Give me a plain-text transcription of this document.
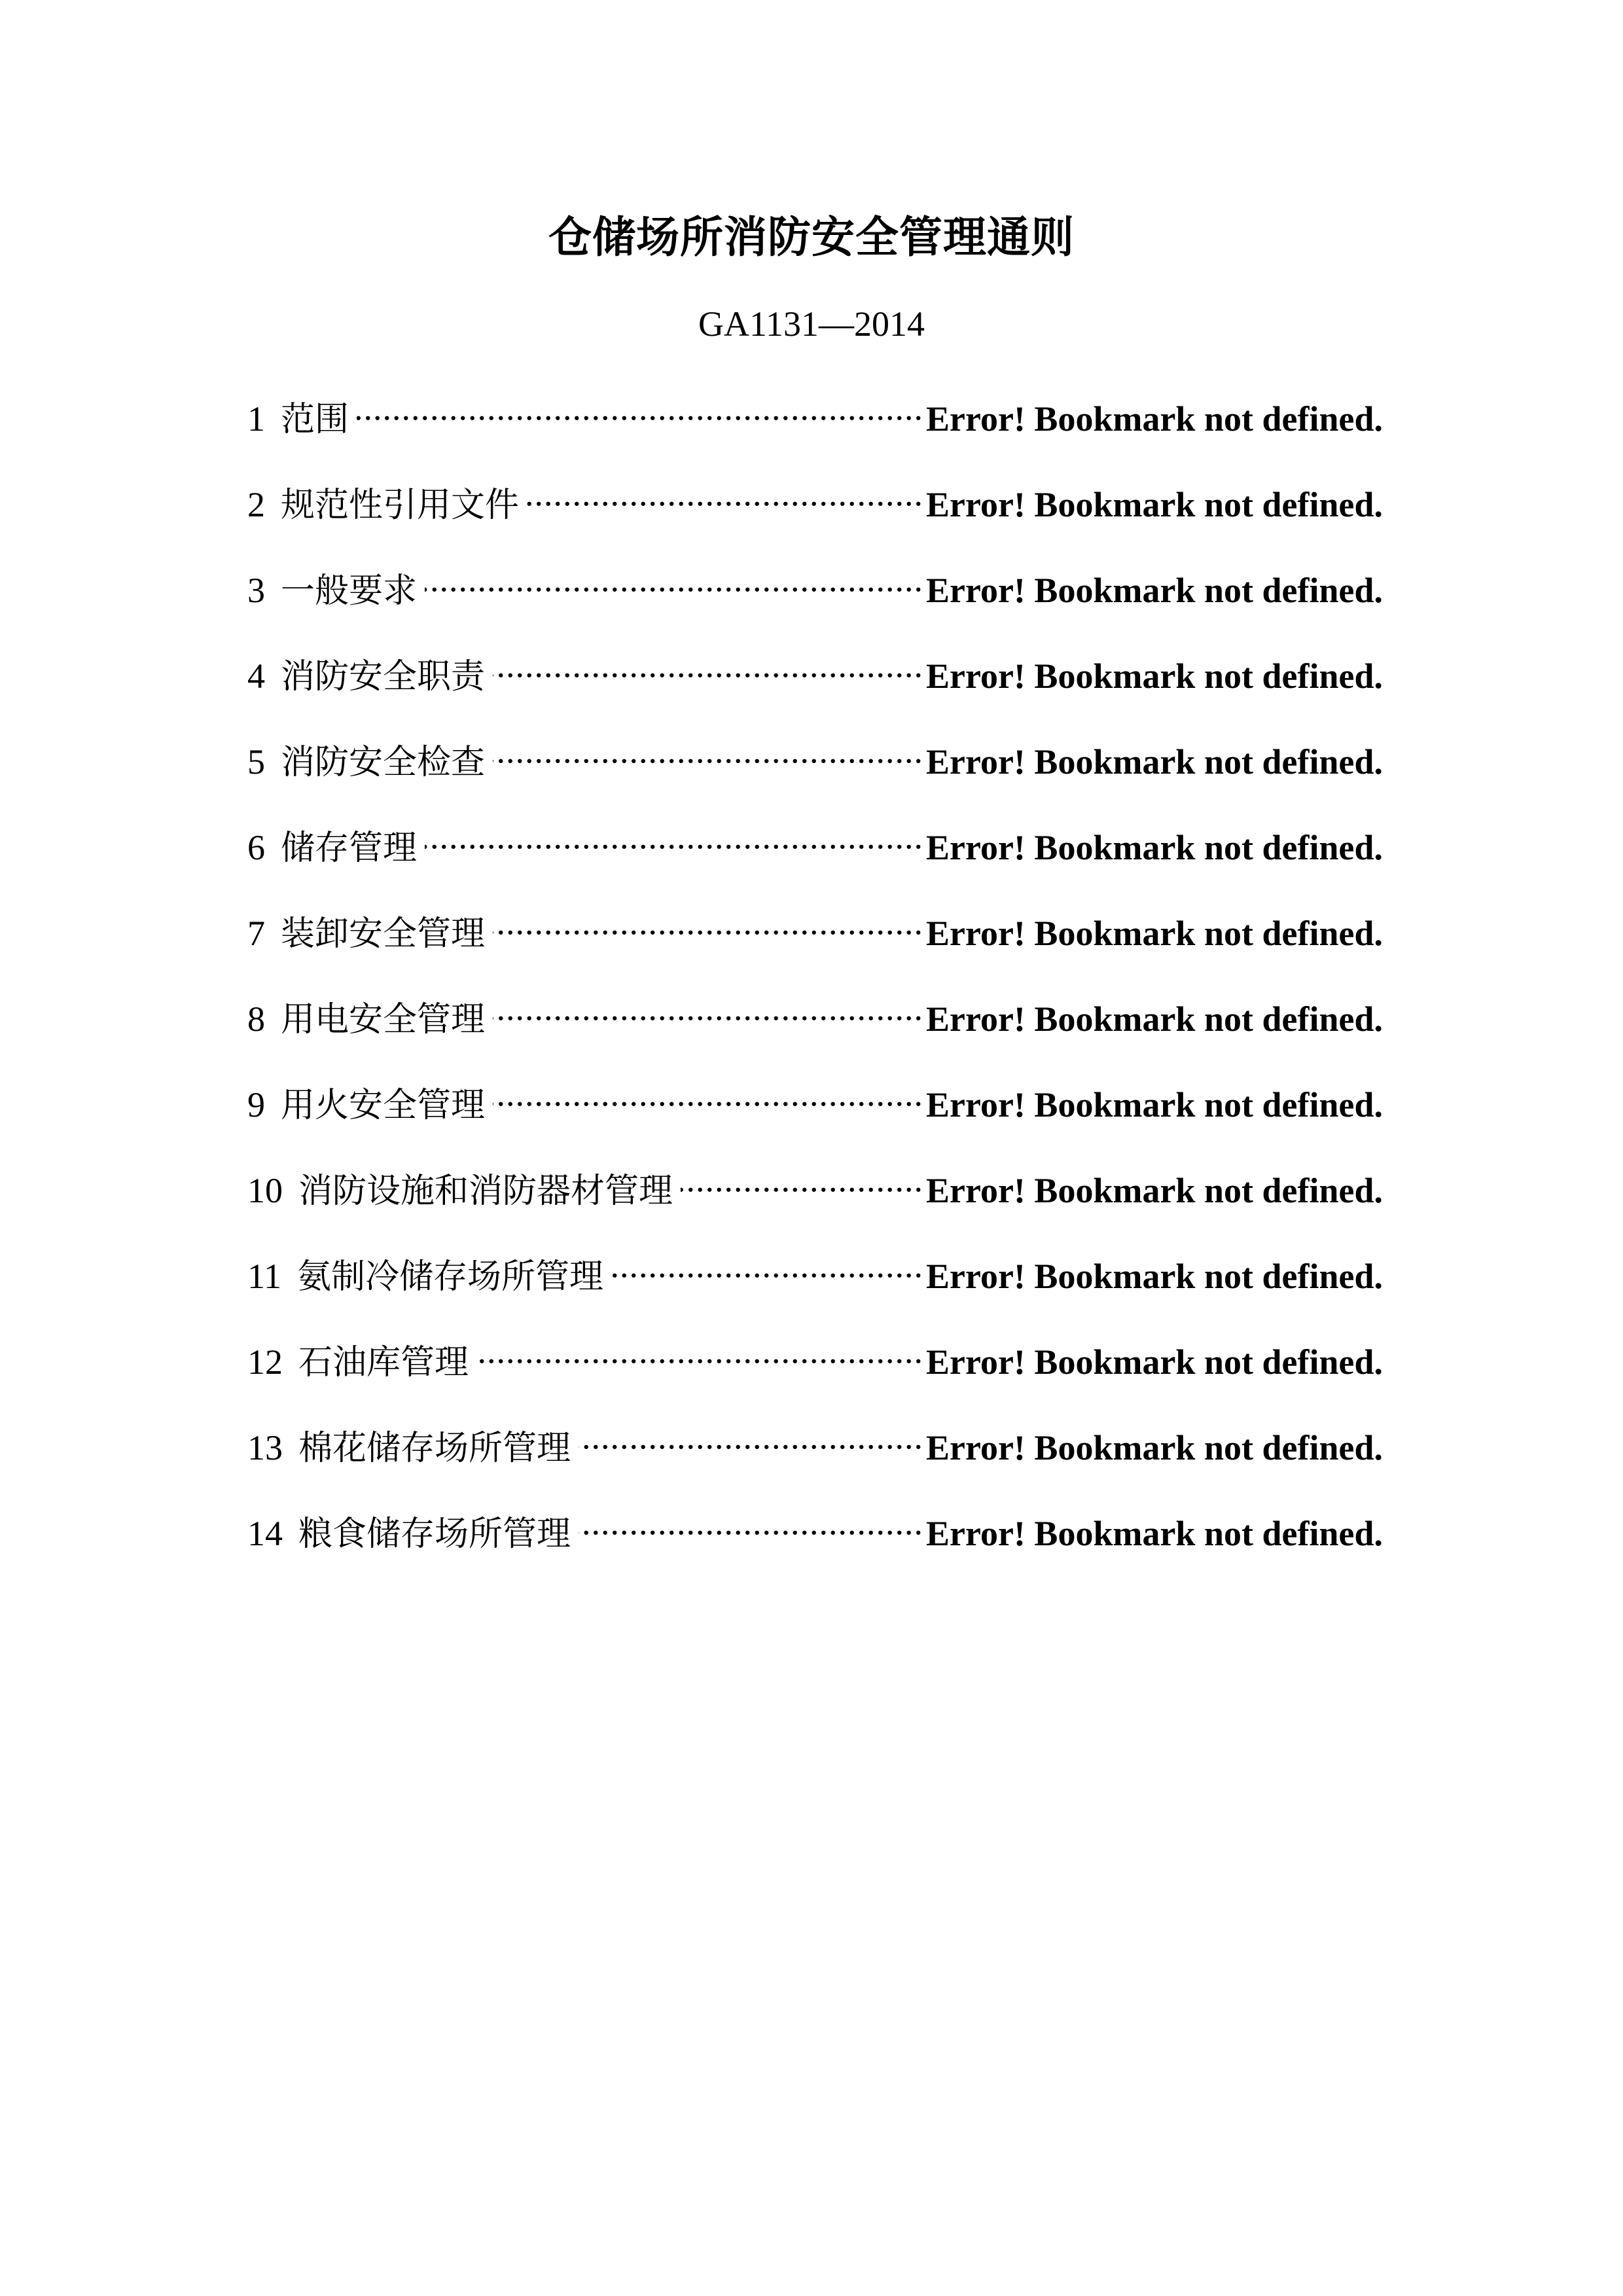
仓储场所消防安全管理通则
GA1131—2014
1 范围 .....	Error! Bookmark not defined.
2 规范性引用文件 .....	Error! Bookmark not defined.
3 一般要求 .....	Error! Bookmark not defined.
4 消防安全职责 .....	Error! Bookmark not defined.
5 消防安全检查 .....	Error! Bookmark not defined.
6 储存管理 .....	Error! Bookmark not defined.
7 装卸安全管理 .....	Error! Bookmark not defined.
8 用电安全管理 .....	Error! Bookmark not defined.
9 用火安全管理 .....	Error! Bookmark not defined.
10 消防设施和消防器材管理 .....	Error! Bookmark not defined.
11 氨制冷储存场所管理 .....	Error! Bookmark not defined.
12 石油库管理 .....	Error! Bookmark not defined.
13 棉花储存场所管理 .....	Error! Bookmark not defined.
14 粮食储存场所管理 .....	Error! Bookmark not defined.
